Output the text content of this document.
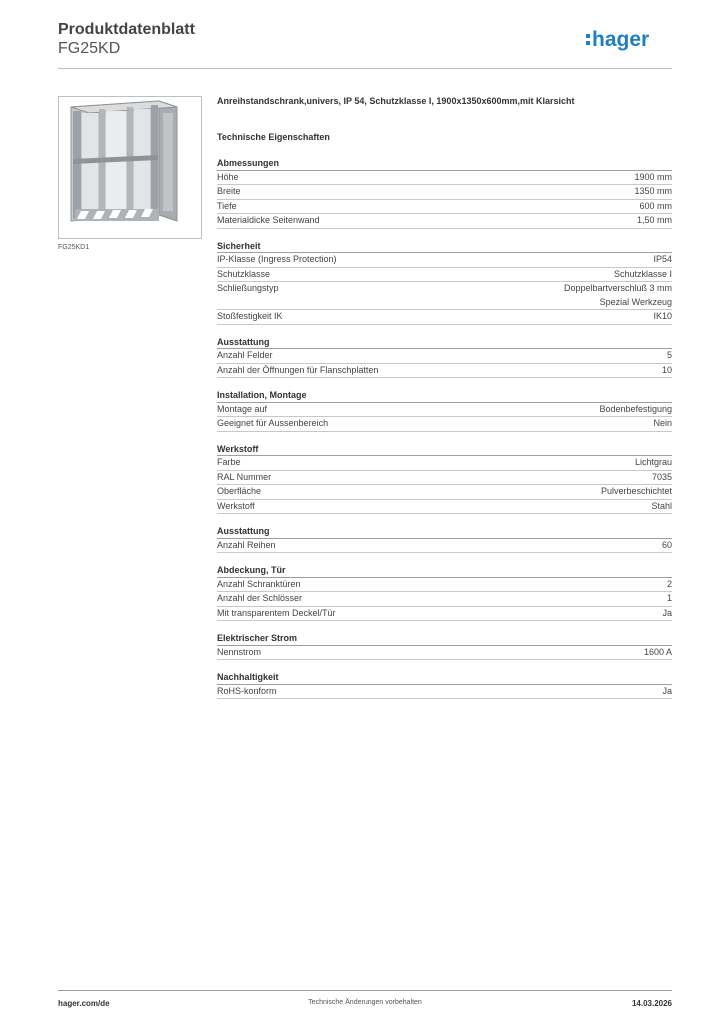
Produktdatenblatt
FG25KD	hager
FG25KD1
Anreihstandschrank,univers, IP 54, Schutzklasse I, 1900x1350x600mm,mit Klarsicht
Technische Eigenschaften
Abmessungen
Höhe	1900 mm
Breite	1350 mm
Tiefe	600 mm
Materialdicke Seitenwand	1,50 mm
Sicherheit
IP-Klasse (Ingress Protection)	IP54
Schutzklasse	Schutzklasse I
Schließungstyp	Doppelbartverschluß 3 mm
Spezial Werkzeug
Stoßfestigkeit IK	IK10
Ausstattung
Anzahl Felder	5
Anzahl der Öffnungen für Flanschplatten	10
Installation, Montage
Montage auf	Bodenbefestigung
Geeignet für Aussenbereich	Nein
Werkstoff
Farbe	Lichtgrau
RAL Nummer	7035
Oberfläche	Pulverbeschichtet
Werkstoff	Stahl
Ausstattung
Anzahl Reihen	60
Abdeckung, Tür
Anzahl Schranktüren	2
Anzahl der Schlösser	1
Mit transparentem Deckel/Tür	Ja
Elektrischer Strom
Nennstrom	1600 A
Nachhaltigkeit
RoHS-konform	Ja
hager.com/de	Technische Änderungen vorbehalten	14.03.2026
